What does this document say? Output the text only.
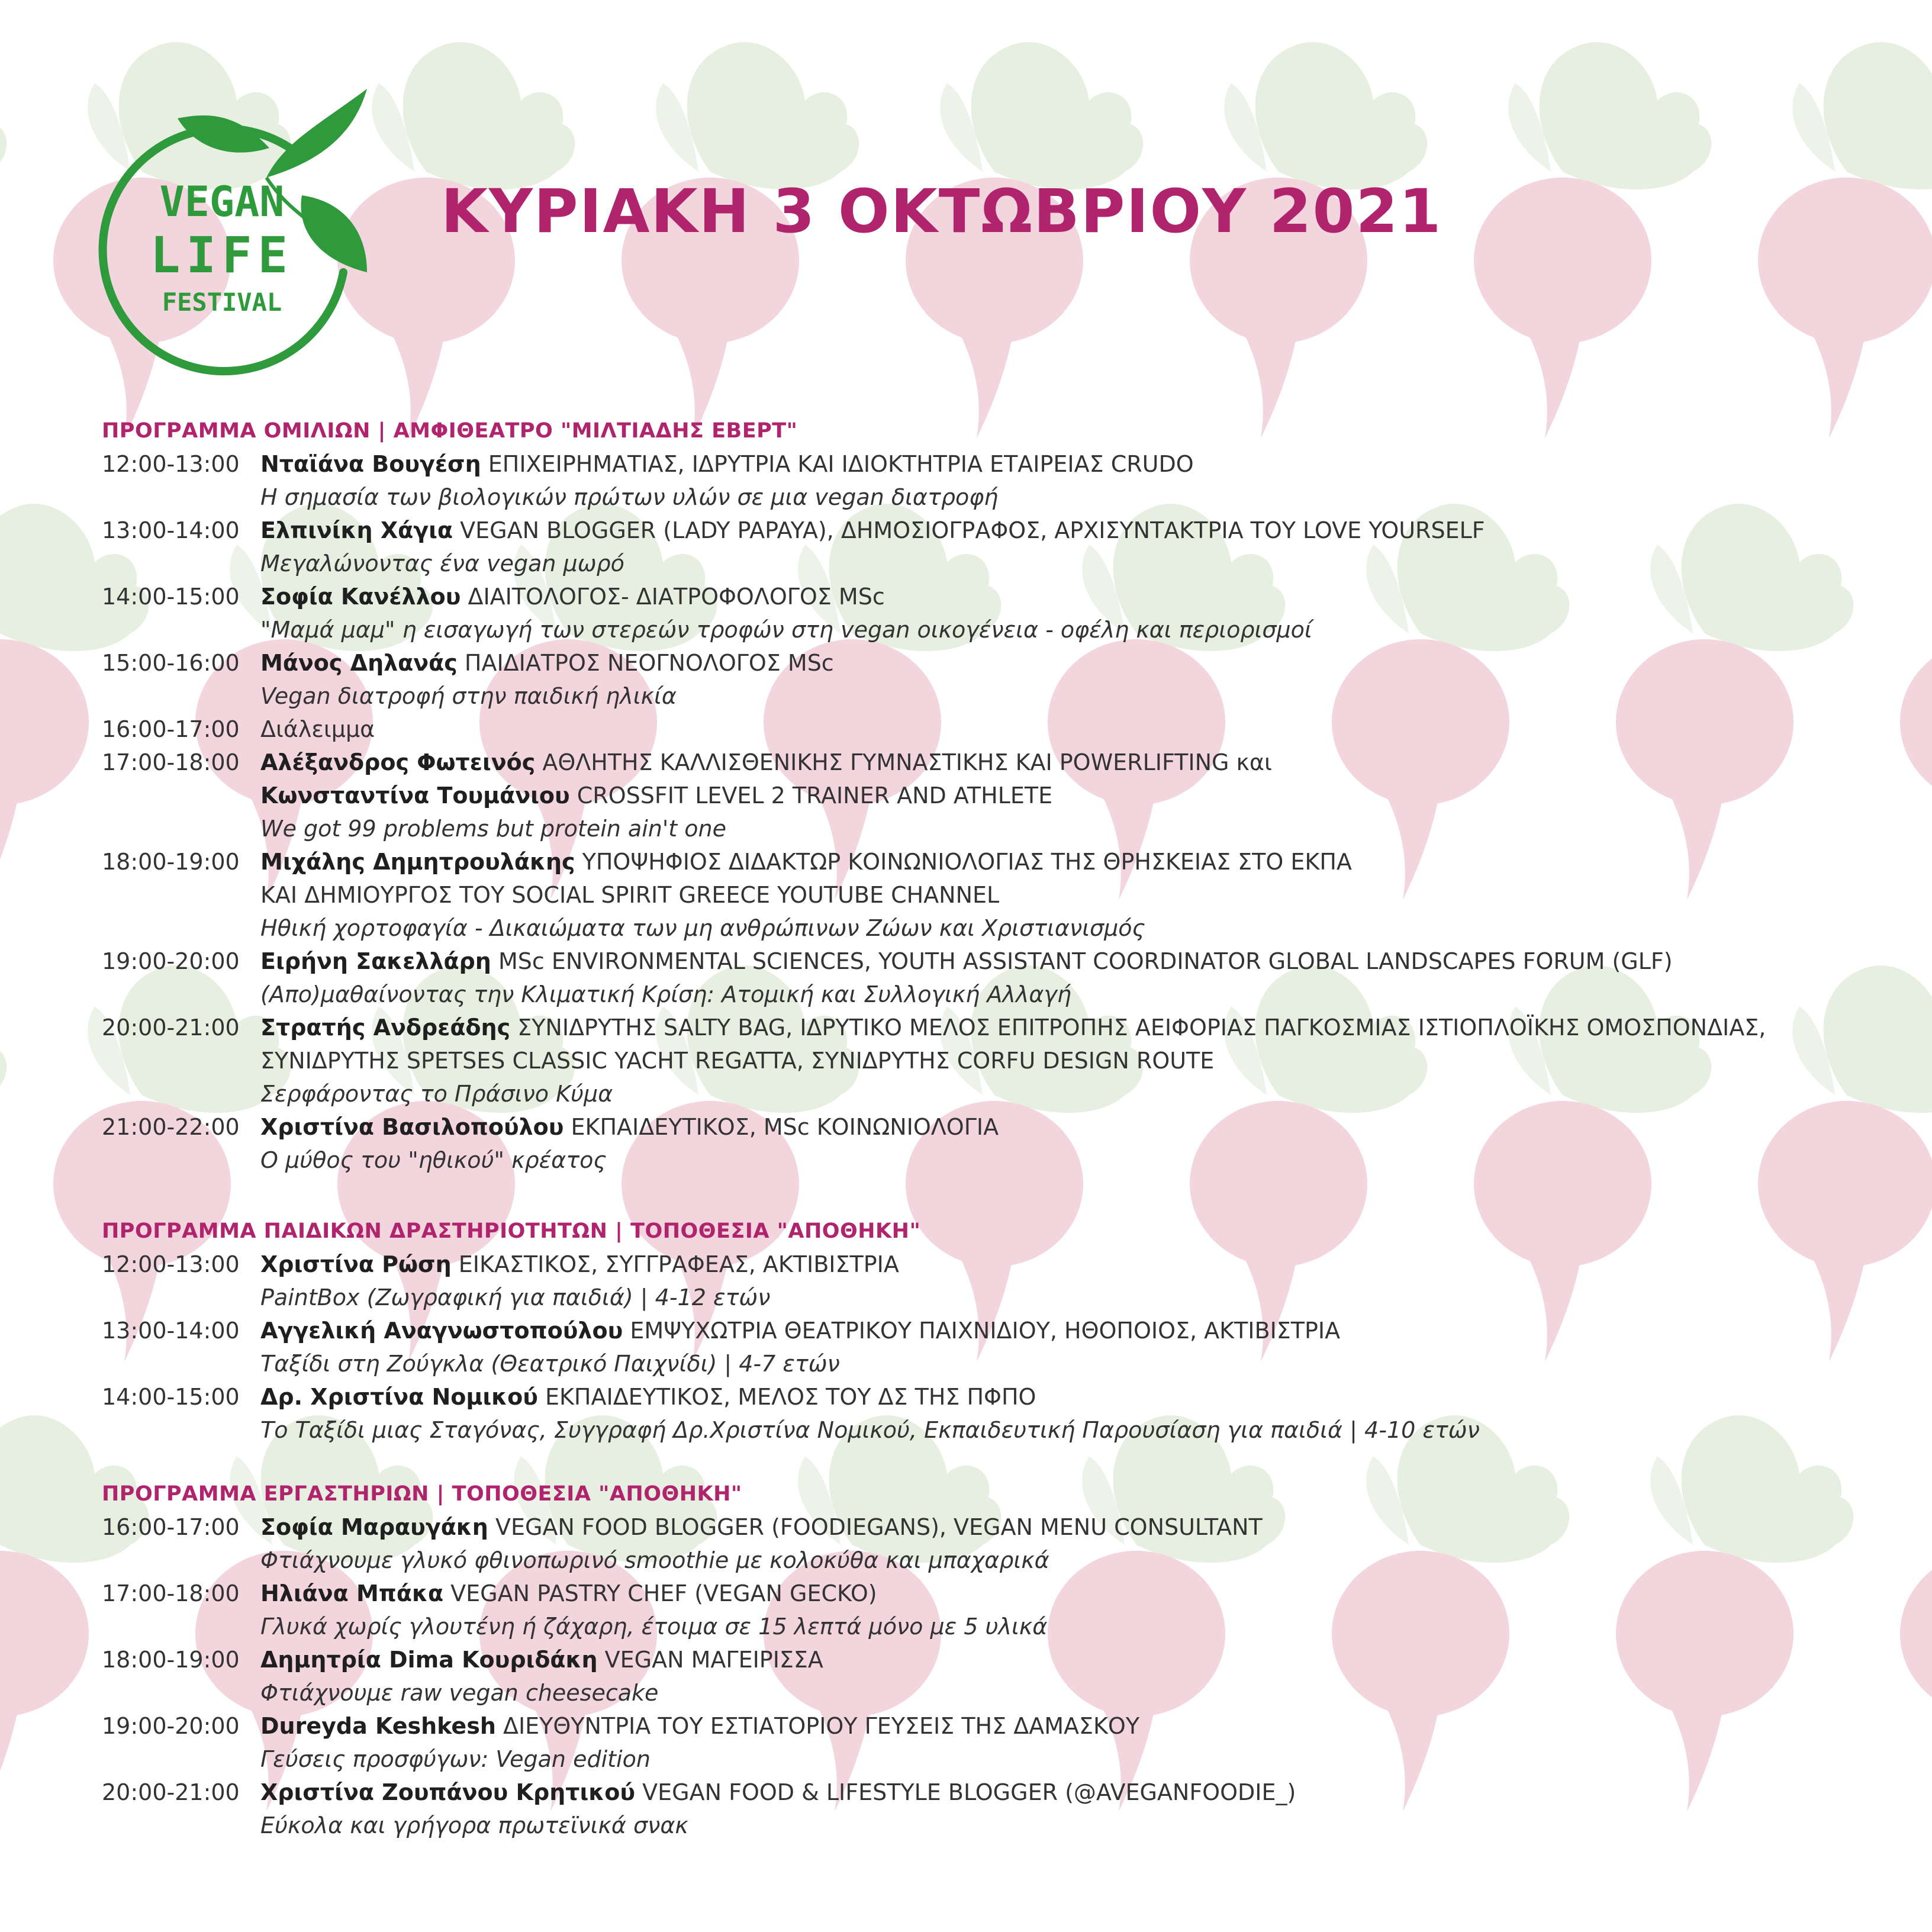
VEGAN
LIFE
FESTIVAL
ΚΥΡΙΑΚΗ 3 ΟΚΤΩΒΡΙΟΥ 2021
ΠΡΟΓΡΑΜΜΑ ΟΜΙΛΙΩΝ | ΑΜΦΙΘΕΑΤΡΟ "ΜΙΛΤΙΑΔΗΣ ΕΒΕΡΤ"
12:00-13:00 Νταϊάνα Βουγέση ΕΠΙΧΕΙΡΗΜΑΤΙΑΣ, ΙΔΡΥΤΡΙΑ ΚΑΙ ΙΔΙΟΚΤΗΤΡΙΑ ΕΤΑΙΡΕΙΑΣ CRUDO
Η σημασία των βιολογικών πρώτων υλών σε μια vegan διατροφή
13:00-14:00 Ελπινίκη Χάγια VEGAN BLOGGER (LADY PAPAYA), ΔΗΜΟΣΙΟΓΡΑΦΟΣ, ΑΡΧΙΣΥΝΤΑΚΤΡΙΑ ΤΟΥ LOVE YOURSELF
Μεγαλώνοντας ένα vegan μωρό
14:00-15:00 Σοφία Κανέλλου ΔΙΑΙΤΟΛΟΓΟΣ- ΔΙΑΤΡΟΦΟΛΟΓΟΣ MSc
"Μαμά μαμ" η εισαγωγή των στερεών τροφών στη vegan οικογένεια - οφέλη και περιορισμοί
15:00-16:00 Μάνος Δηλανάς ΠΑΙΔΙΑΤΡΟΣ ΝΕΟΓΝΟΛΟΓΟΣ MSc
Vegan διατροφή στην παιδική ηλικία
16:00-17:00 Διάλειμμα
17:00-18:00 Αλέξανδρος Φωτεινός ΑΘΛΗΤΗΣ ΚΑΛΛΙΣΘΕΝΙΚΗΣ ΓΥΜΝΑΣΤΙΚΗΣ ΚΑΙ POWERLIFTING και
Κωνσταντίνα Τουμάνιου CROSSFIT LEVEL 2 TRAINER AND ATHLETE
We got 99 problems but protein ain't one
18:00-19:00 Μιχάλης Δημητρουλάκης ΥΠΟΨΗΦΙΟΣ ΔΙΔΑΚΤΩΡ ΚΟΙΝΩΝΙΟΛΟΓΙΑΣ ΤΗΣ ΘΡΗΣΚΕΙΑΣ ΣΤΟ ΕΚΠΑ
ΚΑΙ ΔΗΜΙΟΥΡΓΟΣ ΤΟΥ SOCIAL SPIRIT GREECE YOUTUBE CHANNEL
Ηθική χορτοφαγία - Δικαιώματα των μη ανθρώπινων Ζώων και Χριστιανισμός
19:00-20:00 Ειρήνη Σακελλάρη MSc ENVIRONMENTAL SCIENCES, YOUTH ASSISTANT COORDINATOR GLOBAL LANDSCAPES FORUM (GLF)
(Απο)μαθαίνοντας την Κλιματική Κρίση: Ατομική και Συλλογική Αλλαγή
20:00-21:00 Στρατής Ανδρεάδης ΣΥΝΙΔΡΥΤΗΣ SALTY BAG, ΙΔΡΥΤΙΚΟ ΜΕΛΟΣ ΕΠΙΤΡΟΠΗΣ ΑΕΙΦΟΡΙΑΣ ΠΑΓΚΟΣΜΙΑΣ ΙΣΤΙΟΠΛΟΪΚΗΣ ΟΜΟΣΠΟΝΔΙΑΣ,
ΣΥΝΙΔΡΥΤΗΣ SPETSES CLASSIC YACHT REGATTA, ΣΥΝΙΔΡΥΤΗΣ CORFU DESIGN ROUTE
Σερφάροντας το Πράσινο Κύμα
21:00-22:00 Χριστίνα Βασιλοπούλου ΕΚΠΑΙΔΕΥΤΙΚΟΣ, MSc ΚΟΙΝΩΝΙΟΛΟΓΙΑ
Ο μύθος του "ηθικού" κρέατος
ΠΡΟΓΡΑΜΜΑ ΠΑΙΔΙΚΩΝ ΔΡΑΣΤΗΡΙΟΤΗΤΩΝ | ΤΟΠΟΘΕΣΙΑ "ΑΠΟΘΗΚΗ"
12:00-13:00 Χριστίνα Ρώση ΕΙΚΑΣΤΙΚΟΣ, ΣΥΓΓΡΑΦΕΑΣ, ΑΚΤΙΒΙΣΤΡΙΑ
PaintBox (Ζωγραφική για παιδιά) | 4-12 ετών
13:00-14:00 Αγγελική Αναγνωστοπούλου ΕΜΨΥΧΩΤΡΙΑ ΘΕΑΤΡΙΚΟΥ ΠΑΙΧΝΙΔΙΟΥ, ΗΘΟΠΟΙΟΣ, ΑΚΤΙΒΙΣΤΡΙΑ
Ταξίδι στη Ζούγκλα (Θεατρικό Παιχνίδι) | 4-7 ετών
14:00-15:00 Δρ. Χριστίνα Νομικού ΕΚΠΑΙΔΕΥΤΙΚΟΣ, ΜΕΛΟΣ ΤΟΥ ΔΣ ΤΗΣ ΠΦΠΟ
Το Ταξίδι μιας Σταγόνας, Συγγραφή Δρ.Χριστίνα Νομικού, Εκπαιδευτική Παρουσίαση για παιδιά | 4-10 ετών
ΠΡΟΓΡΑΜΜΑ ΕΡΓΑΣΤΗΡΙΩΝ | ΤΟΠΟΘΕΣΙΑ "ΑΠΟΘΗΚΗ"
16:00-17:00 Σοφία Μαραυγάκη VEGAN FOOD BLOGGER (FOODIEGANS), VEGAN MENU CONSULTANT
Φτιάχνουμε γλυκό φθινοπωρινό smoothie με κολοκύθα και μπαχαρικά
17:00-18:00 Ηλιάνα Μπάκα VEGAN PASTRY CHEF (VEGAN GECKO)
Γλυκά χωρίς γλουτένη ή ζάχαρη, έτοιμα σε 15 λεπτά μόνο με 5 υλικά
18:00-19:00 Δημητρία Dima Κουριδάκη VEGAN ΜΑΓΕΙΡΙΣΣΑ
Φτιάχνουμε raw vegan cheesecake
19:00-20:00 Dureyda Keshkesh ΔΙΕΥΘΥΝΤΡΙΑ ΤΟΥ ΕΣΤΙΑΤΟΡΙΟΥ ΓΕΥΣΕΙΣ ΤΗΣ ΔΑΜΑΣΚΟΥ
Γεύσεις προσφύγων: Vegan edition
20:00-21:00 Χριστίνα Ζουπάνου Κρητικού VEGAN FOOD & LIFESTYLE BLOGGER (@AVEGANFOODIE_)
Εύκολα και γρήγορα πρωτεϊνικά σνακ
